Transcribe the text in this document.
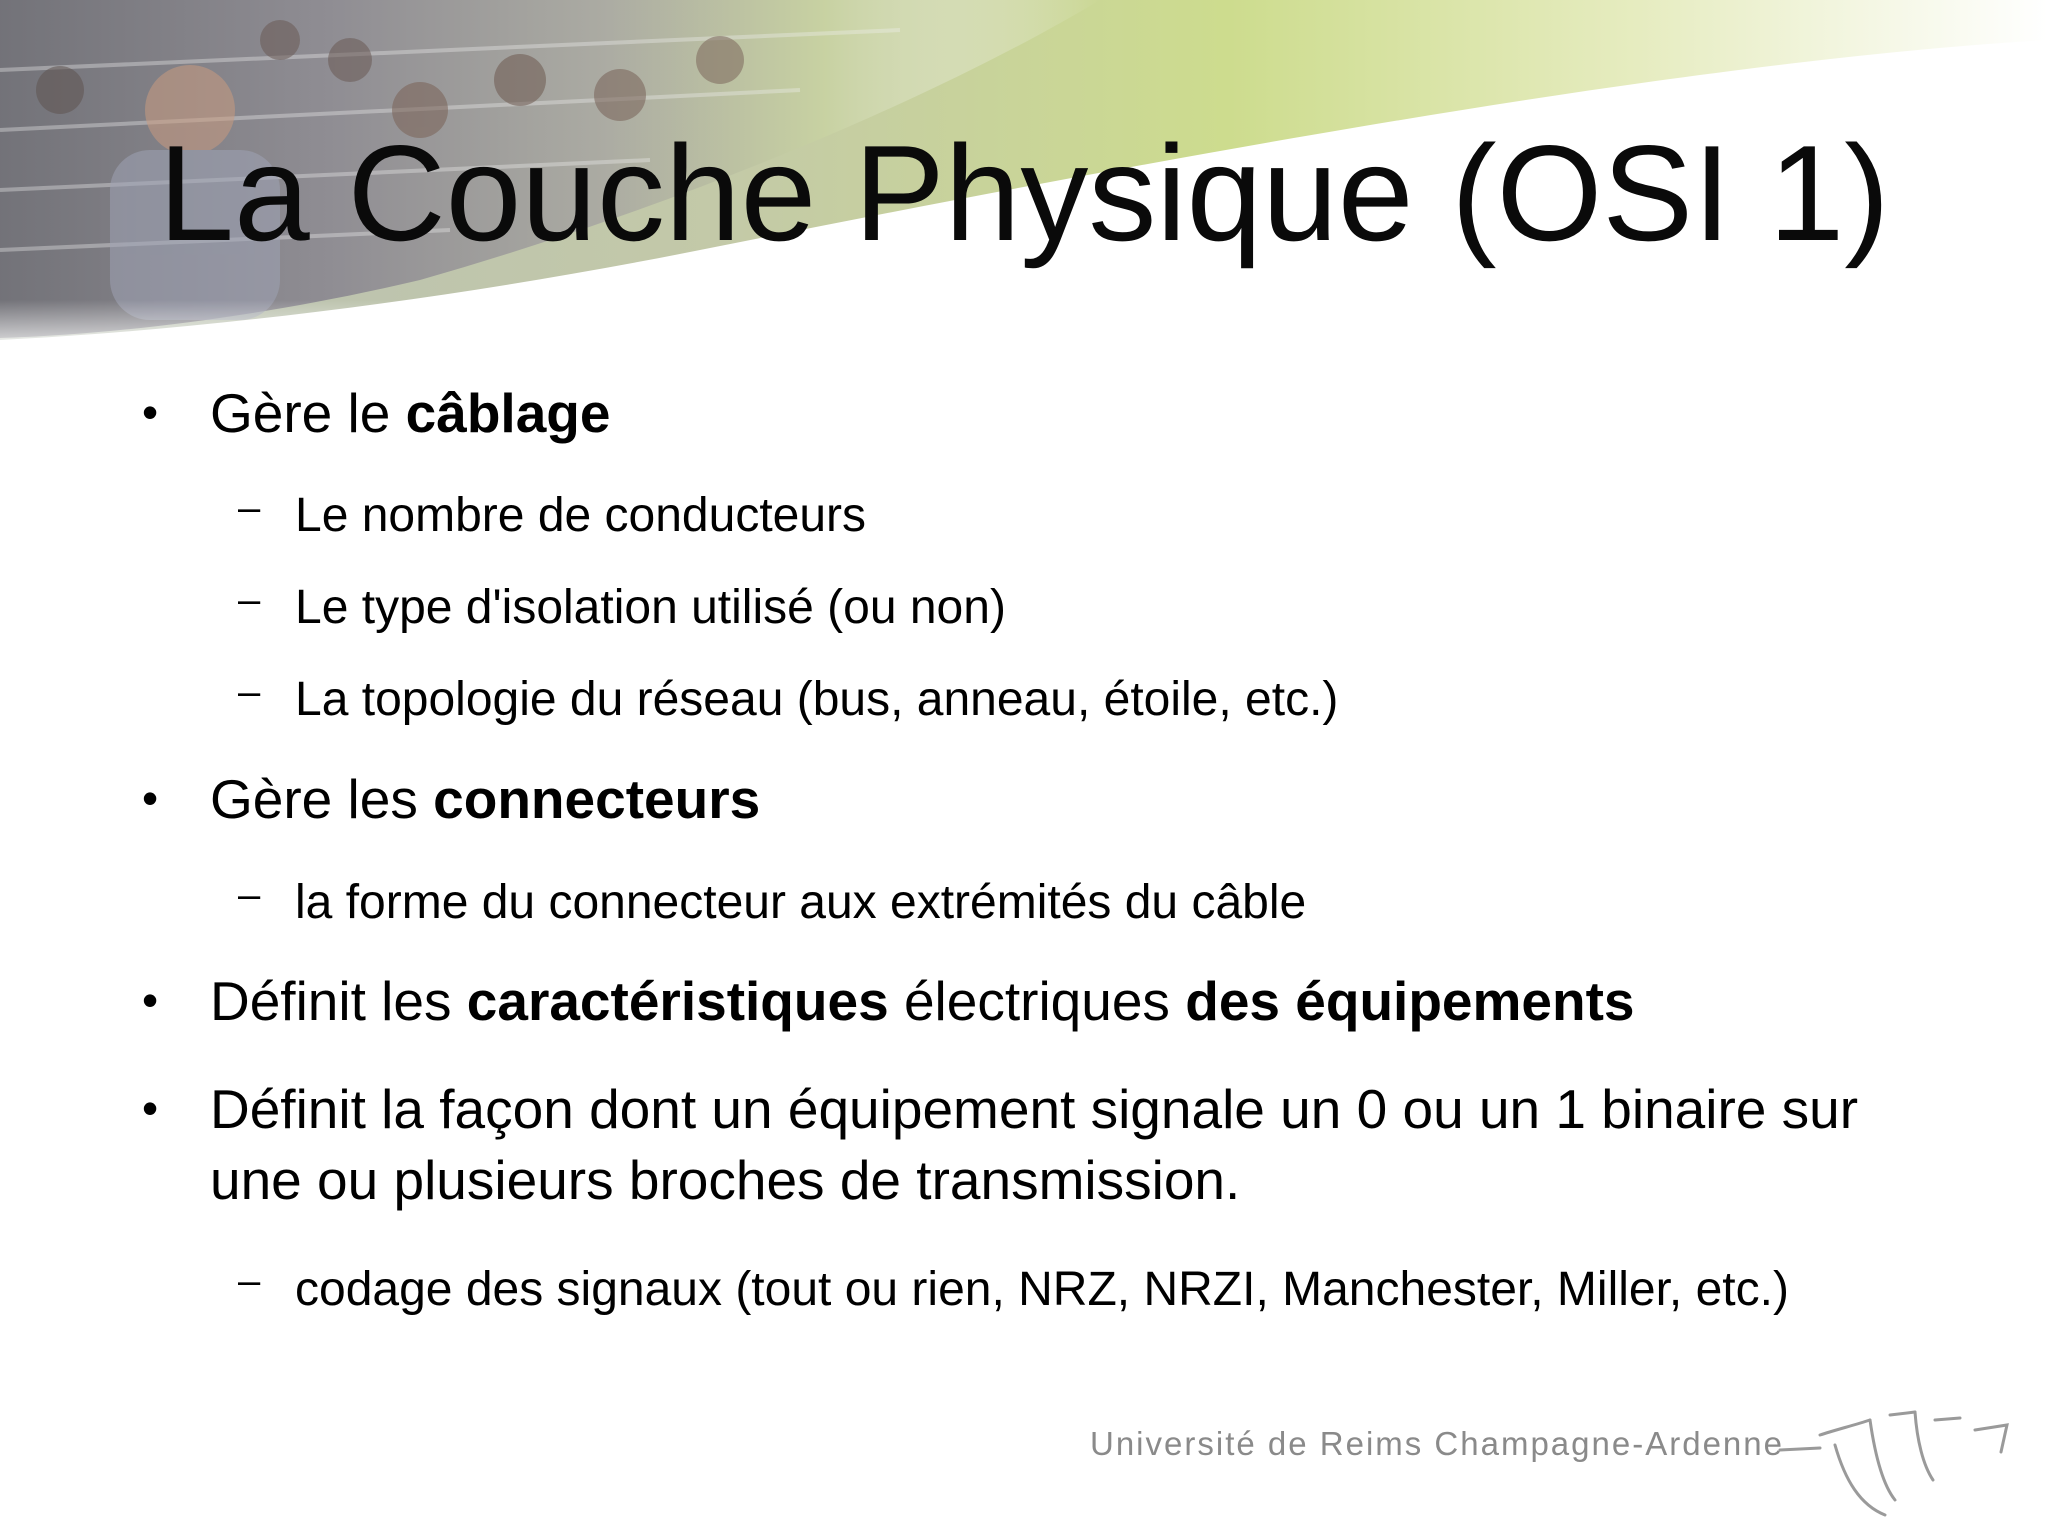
La Couche Physique (OSI 1)
• Gère le câblage
– Le nombre de conducteurs
– Le type d'isolation utilisé (ou non)
– La topologie du réseau (bus, anneau, étoile, etc.)
• Gère les connecteurs
– la forme du connecteur aux extrémités du câble
• Définit les caractéristiques électriques des équipements
• Définit la façon dont un équipement signale un 0 ou un 1 binaire sur une ou plusieurs broches de transmission.
– codage des signaux (tout ou rien, NRZ, NRZI, Manchester, Miller, etc.)
Université de Reims Champagne-Ardenne
